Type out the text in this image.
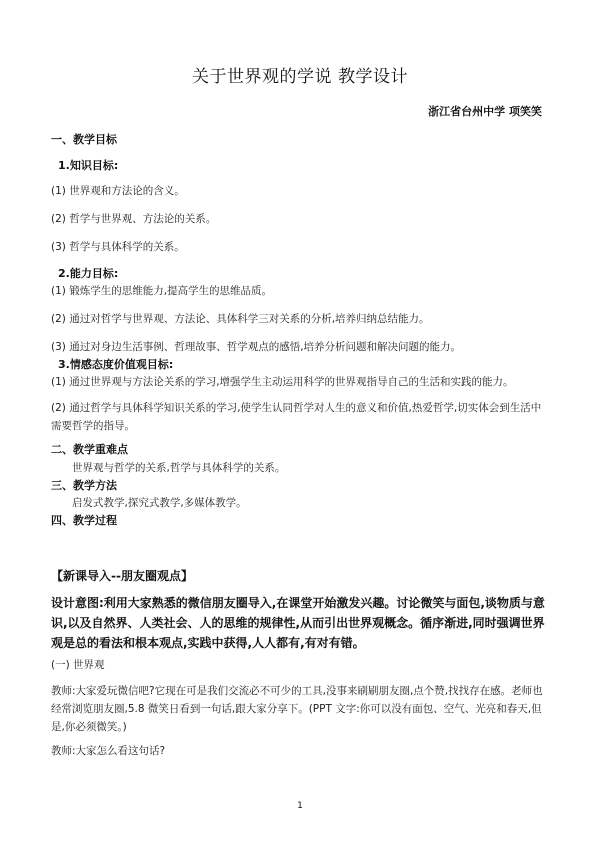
关于世界观的学说 教学设计
浙江省台州中学 项笑笑
一、教学目标
1.知识目标:
(1) 世界观和方法论的含义。
(2) 哲学与世界观、方法论的关系。
(3) 哲学与具体科学的关系。
2.能力目标:
(1) 锻炼学生的思维能力,提高学生的思维品质。
(2) 通过对哲学与世界观、方法论、具体科学三对关系的分析,培养归纳总结能力。
(3) 通过对身边生活事例、哲理故事、哲学观点的感悟,培养分析问题和解决问题的能力。
3.情感态度价值观目标:
(1) 通过世界观与方法论关系的学习,增强学生主动运用科学的世界观指导自己的生活和实践的能力。
(2) 通过哲学与具体科学知识关系的学习,使学生认同哲学对人生的意义和价值,热爱哲学,切实体会到生活中需要哲学的指导。
二、教学重难点
世界观与哲学的关系,哲学与具体科学的关系。
三、教学方法
启发式教学,探究式教学,多媒体教学。
四、教学过程
【新课导入--朋友圈观点】
设计意图:利用大家熟悉的微信朋友圈导入,在课堂开始激发兴趣。讨论微笑与面包,谈物质与意识,以及自然界、人类社会、人的思维的规律性,从而引出世界观概念。循序渐进,同时强调世界观是总的看法和根本观点,实践中获得,人人都有,有对有错。
(一) 世界观
教师:大家爱玩微信吧?它现在可是我们交流必不可少的工具,没事来刷刷朋友圈,点个赞,找找存在感。老师也经常浏览朋友圈,5.8 微笑日看到一句话,跟大家分享下。(PPT 文字:你可以没有面包、空气、光亮和春天,但是,你必须微笑。)
教师:大家怎么看这句话?
1
